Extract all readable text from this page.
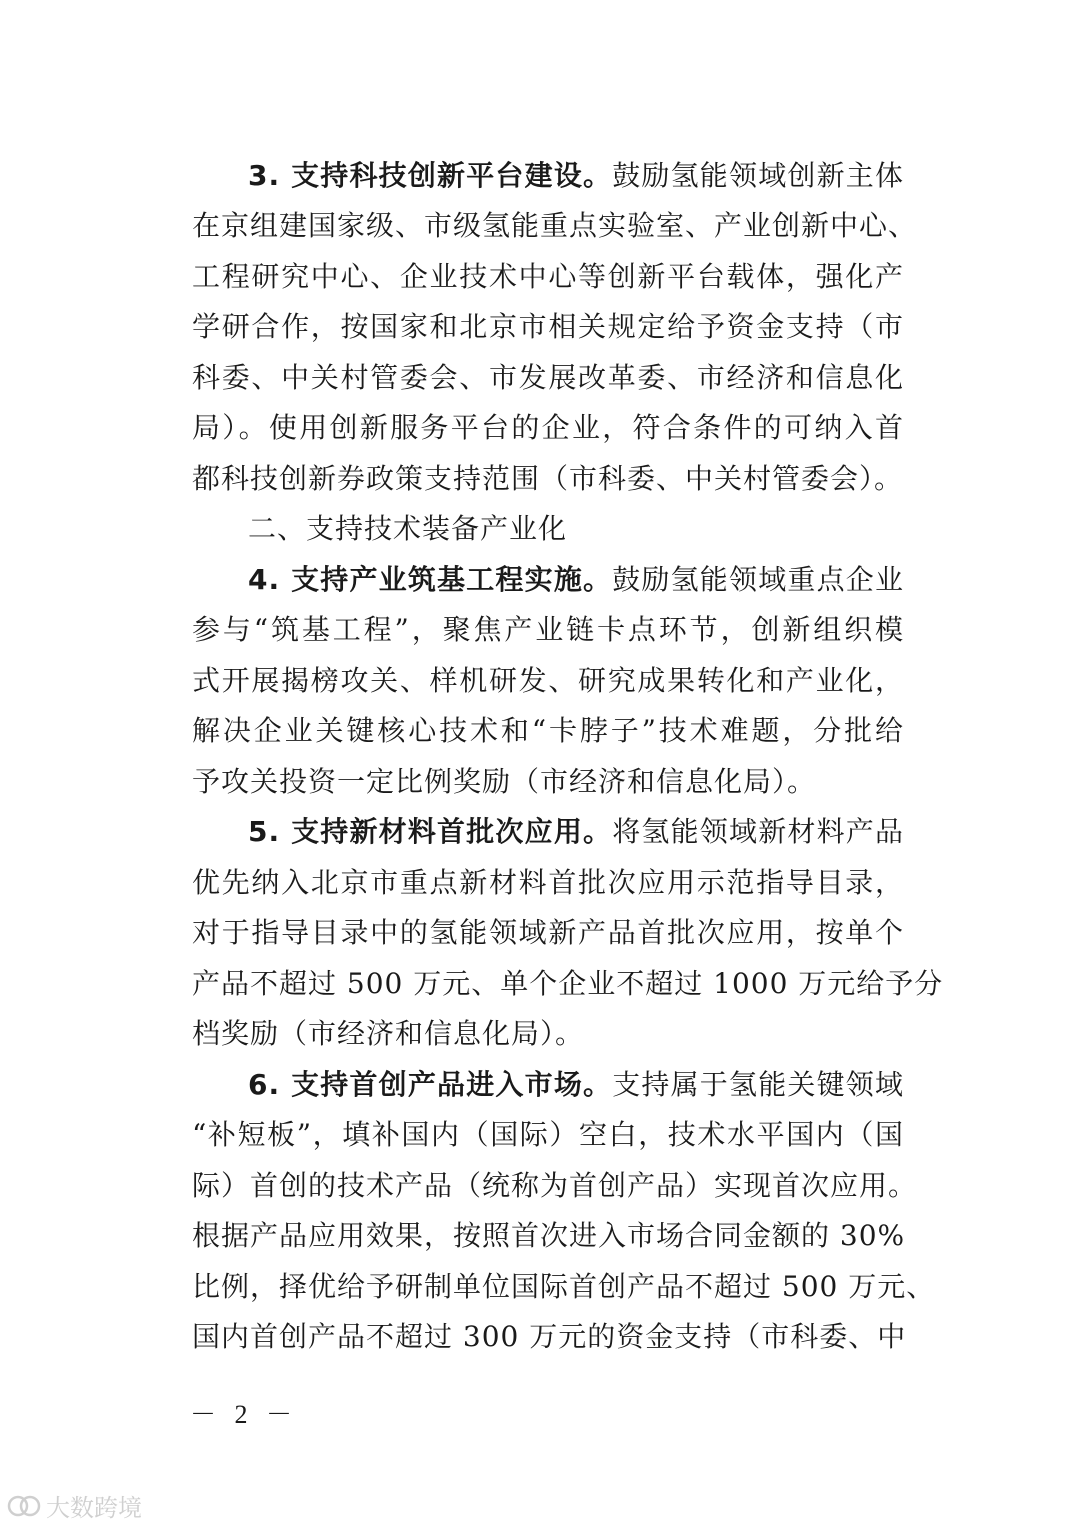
3. 支持科技创新平台建设。鼓励氢能领域创新主体
在京组建国家级、市级氢能重点实验室、产业创新中心、
工程研究中心、企业技术中心等创新平台载体，强化产
学研合作，按国家和北京市相关规定给予资金支持（市
科委、中关村管委会、市发展改革委、市经济和信息化
局）。使用创新服务平台的企业，符合条件的可纳入首
都科技创新券政策支持范围（市科委、中关村管委会）。
二、支持技术装备产业化
4. 支持产业筑基工程实施。鼓励氢能领域重点企业
参与“筑基工程”，聚焦产业链卡点环节，创新组织模
式开展揭榜攻关、样机研发、研究成果转化和产业化，
解决企业关键核心技术和“卡脖子”技术难题，分批给
予攻关投资一定比例奖励（市经济和信息化局）。
5. 支持新材料首批次应用。将氢能领域新材料产品
优先纳入北京市重点新材料首批次应用示范指导目录，
对于指导目录中的氢能领域新产品首批次应用，按单个
产品不超过 500 万元、单个企业不超过 1000 万元给予分
档奖励（市经济和信息化局）。
6. 支持首创产品进入市场。支持属于氢能关键领域
“补短板”，填补国内（国际）空白，技术水平国内（国
际）首创的技术产品（统称为首创产品）实现首次应用。
根据产品应用效果，按照首次进入市场合同金额的 30%
比例，择优给予研制单位国际首创产品不超过 500 万元、
国内首创产品不超过 300 万元的资金支持（市科委、中
－ 2 －
大数跨境
